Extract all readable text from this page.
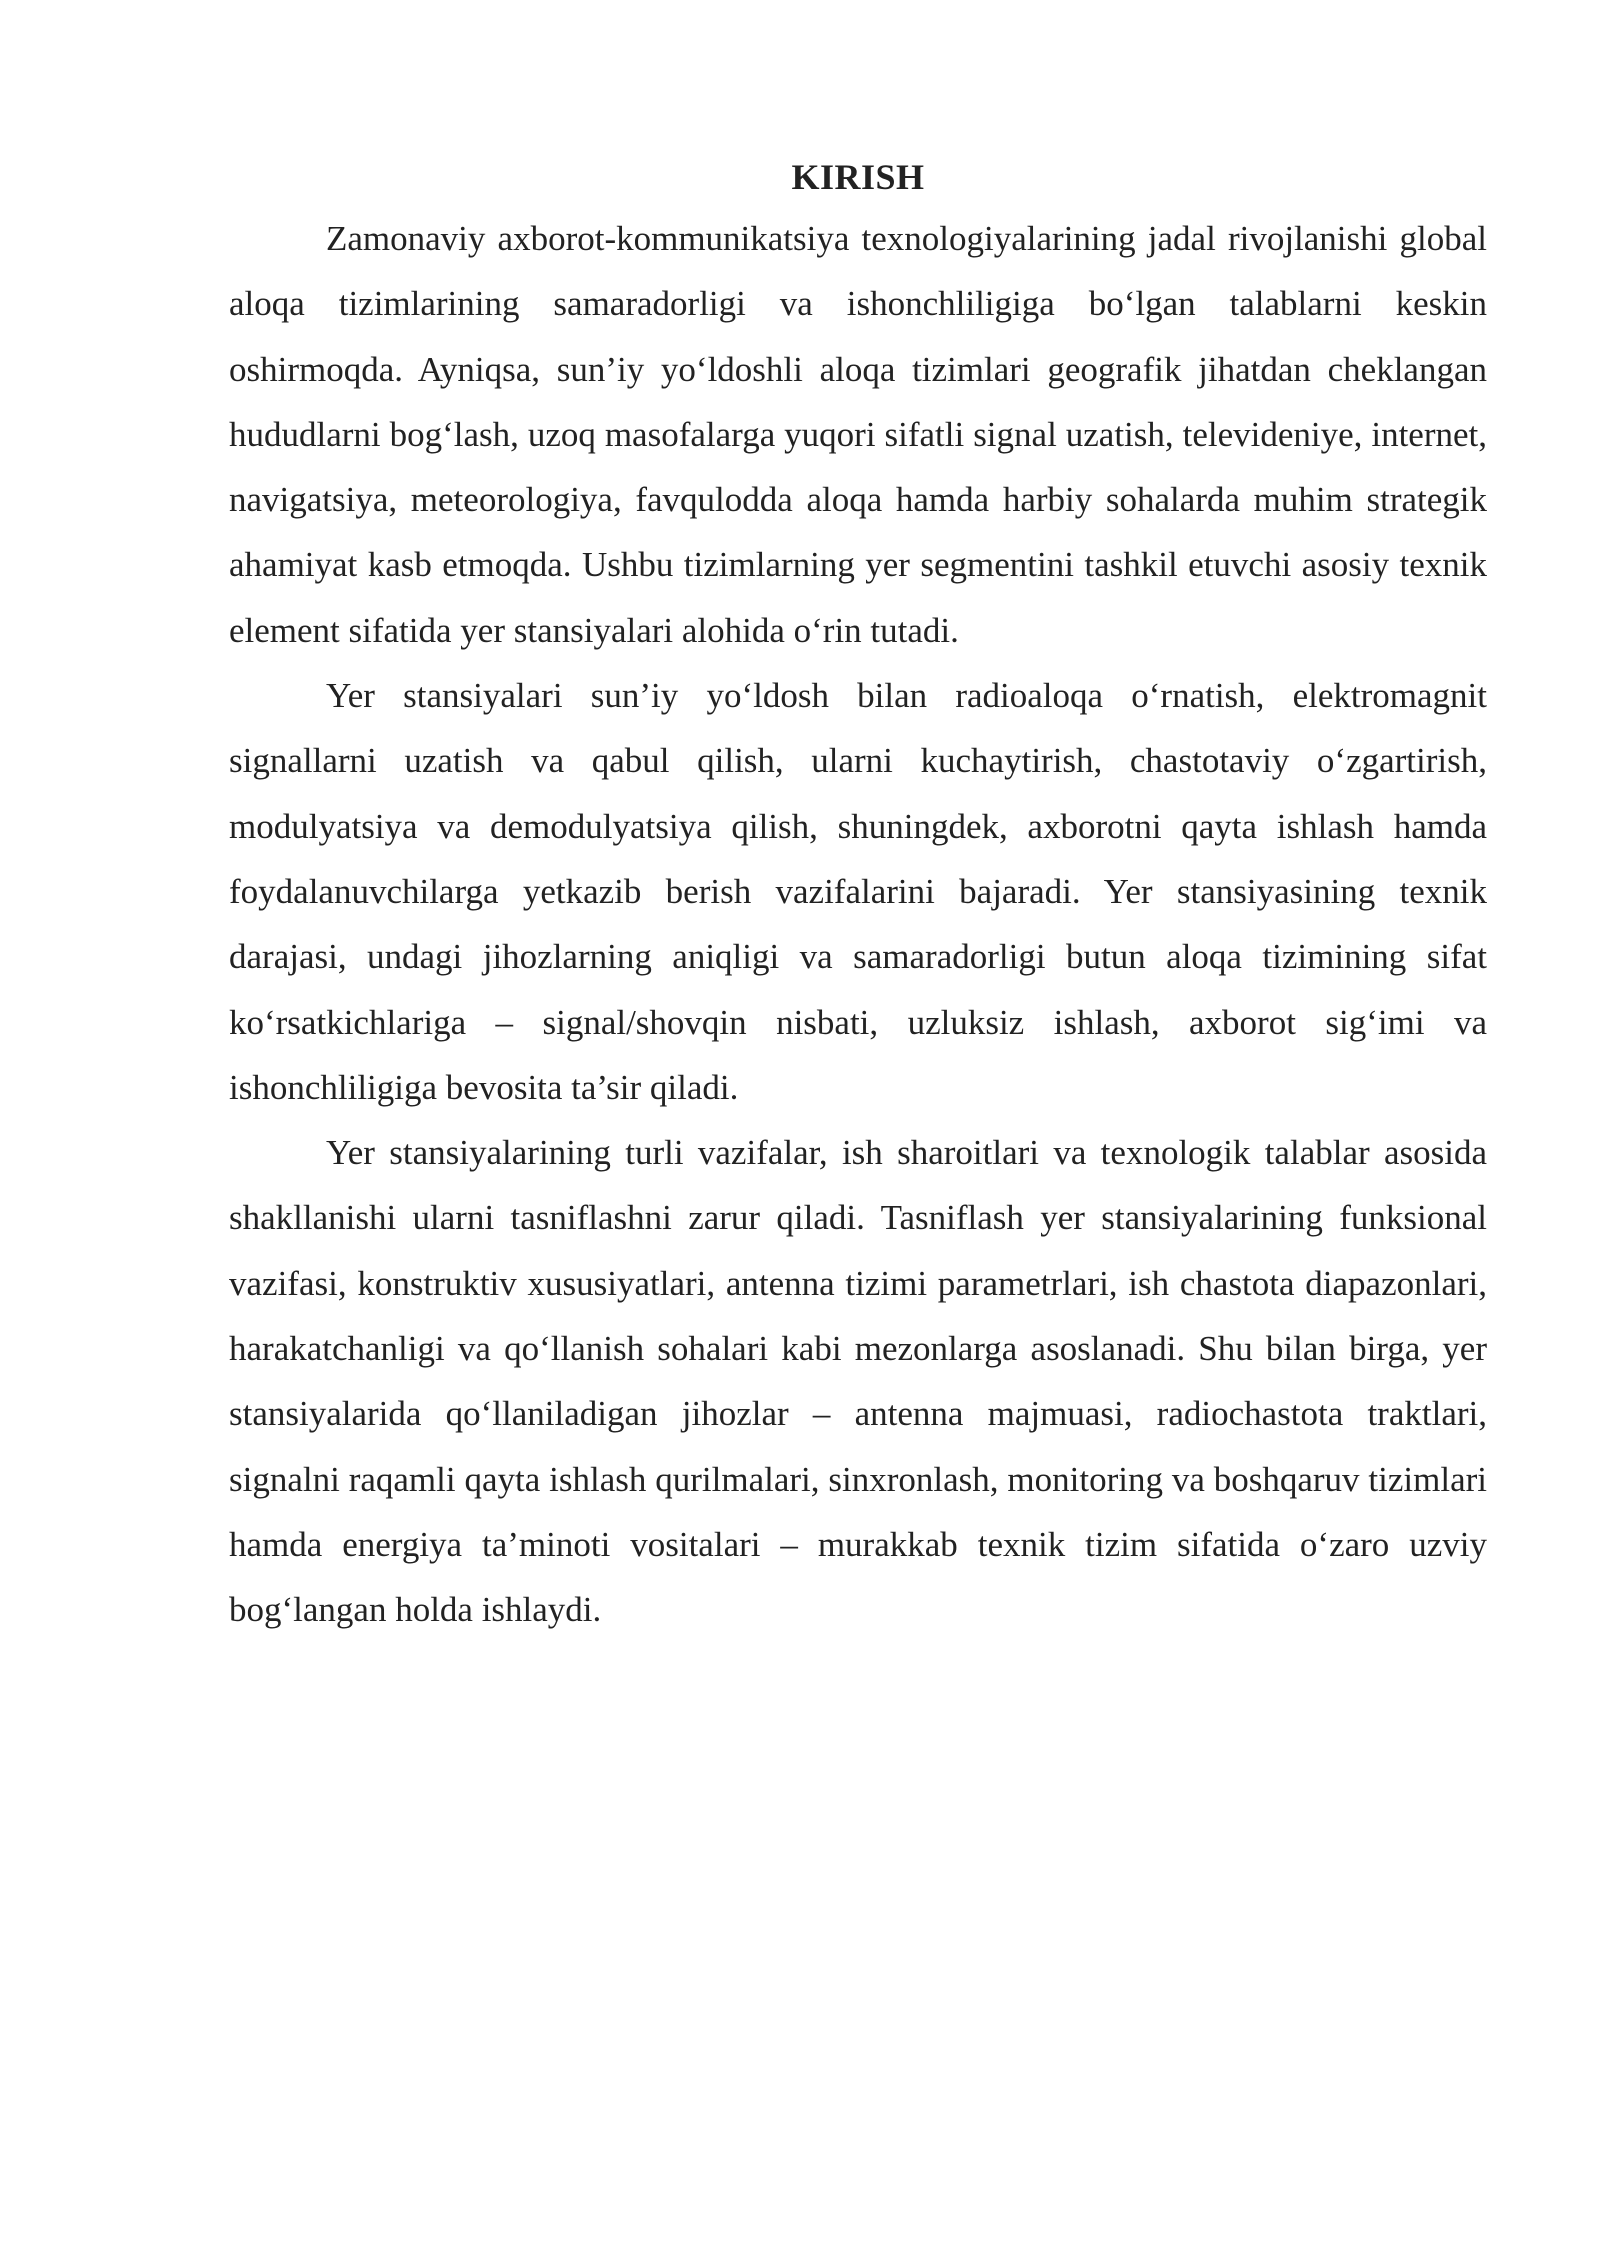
KIRISH

Zamonaviy axborot-kommunikatsiya texnologiyalarining jadal rivojlanishi global aloqa tizimlarining samaradorligi va ishonchliligiga bo‘lgan talablarni keskin oshirmoqda. Ayniqsa, sun’iy yo‘ldoshli aloqa tizimlari geografik jihatdan cheklangan hududlarni bog‘lash, uzoq masofalarga yuqori sifatli signal uzatish, televideniye, internet, navigatsiya, meteorologiya, favqulodda aloqa hamda harbiy sohalarda muhim strategik ahamiyat kasb etmoqda. Ushbu tizimlarning yer segmentini tashkil etuvchi asosiy texnik element sifatida yer stansiyalari alohida o‘rin tutadi.

Yer stansiyalari sun’iy yo‘ldosh bilan radioaloqa o‘rnatish, elektromagnit signallarni uzatish va qabul qilish, ularni kuchaytirish, chastotaviy o‘zgartirish, modulyatsiya va demodulyatsiya qilish, shuningdek, axborotni qayta ishlash hamda foydalanuvchilarga yetkazib berish vazifalarini bajaradi. Yer stansiyasining texnik darajasi, undagi jihozlarning aniqligi va samaradorligi butun aloqa tizimining sifat ko‘rsatkichlariga – signal/shovqin nisbati, uzluksiz ishlash, axborot sig‘imi va ishonchliligiga bevosita ta’sir qiladi.

Yer stansiyalarining turli vazifalar, ish sharoitlari va texnologik talablar asosida shakllanishi ularni tasniflashni zarur qiladi. Tasniflash yer stansiyalarining funksional vazifasi, konstruktiv xususiyatlari, antenna tizimi parametrlari, ish chastota diapazonlari, harakatchanligi va qo‘llanish sohalari kabi mezonlarga asoslanadi. Shu bilan birga, yer stansiyalarida qo‘llaniladigan jihozlar – antenna majmuasi, radiochastota traktlari, signalni raqamli qayta ishlash qurilmalari, sinxronlash, monitoring va boshqaruv tizimlari hamda energiya ta’minoti vositalari – murakkab texnik tizim sifatida o‘zaro uzviy bog‘langan holda ishlaydi.
